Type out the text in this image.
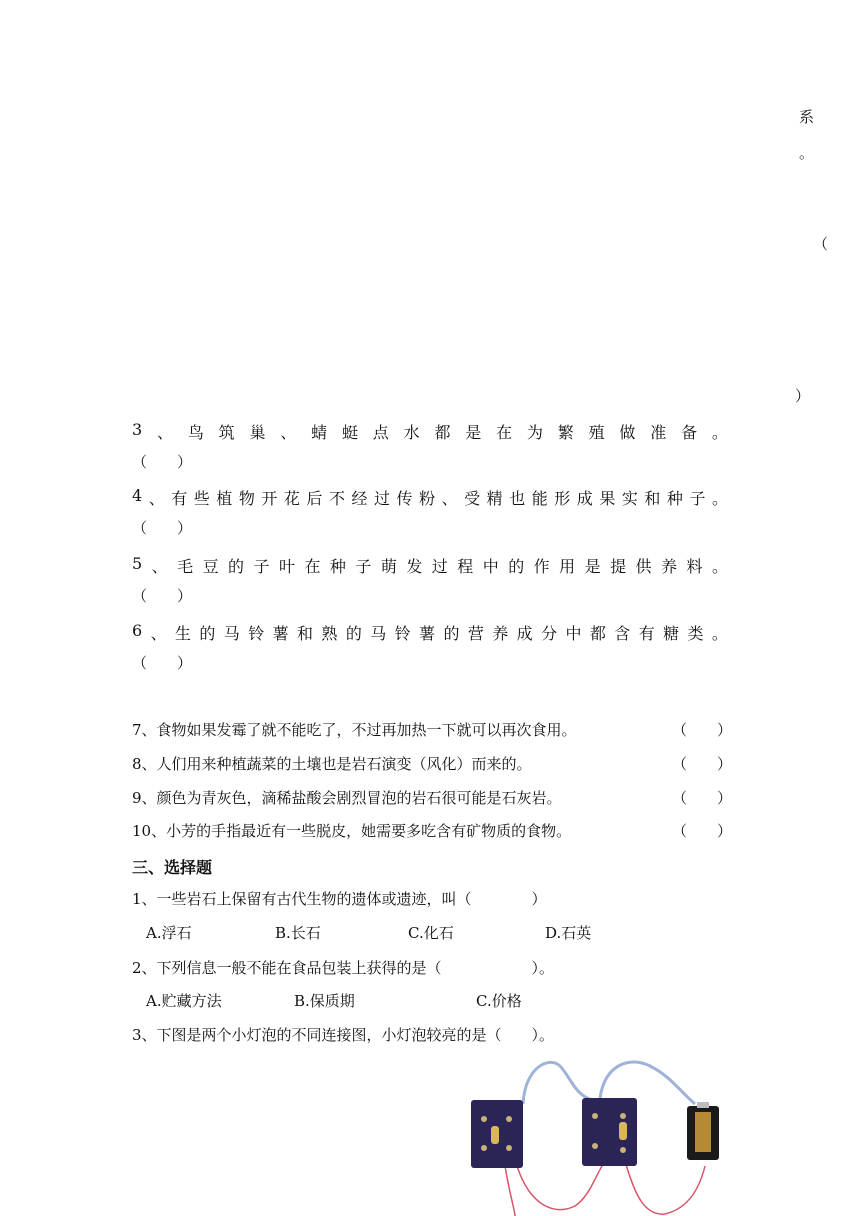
系
。
（
）
3 、 鸟 筑 巢 、 蜻 蜓 点 水 都 是 在 为 繁 殖 做 准 备 。
（　　）
4 、 有 些 植 物 开 花 后 不 经 过 传 粉 、 受 精 也 能 形 成 果 实 和 种 子 。
（　　）
5 、 毛 豆 的 子 叶 在 种 子 萌 发 过 程 中 的 作 用 是 提 供 养 料 。
（　　）
6 、 生 的 马 铃 薯 和 熟 的 马 铃 薯 的 营 养 成 分 中 都 含 有 糖 类 。
（　　）
7、食物如果发霉了就不能吃了，不过再加热一下就可以再次食用。	（　　）
8、人们用来种植蔬菜的土壤也是岩石演变（风化）而来的。	（　　）
9、颜色为青灰色，滴稀盐酸会剧烈冒泡的岩石很可能是石灰岩。	（　　）
10、小芳的手指最近有一些脱皮，她需要多吃含有矿物质的食物。	（　　）
三、选择题
1、一些岩石上保留有古代生物的遗体或遗迹，叫（　　　　）
A.浮石	B.长石	C.化石	D.石英
2、下列信息一般不能在食品包装上获得的是（　　　　　　）。
A.贮藏方法	B.保质期	C.价格
3、下图是两个小灯泡的不同连接图，小灯泡较亮的是（　　）。
